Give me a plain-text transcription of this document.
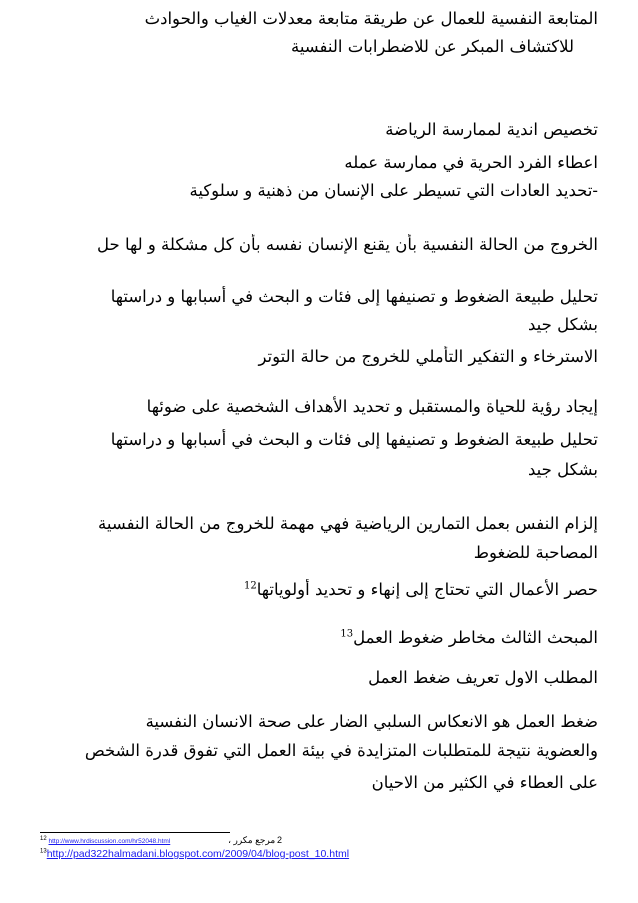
المتابعة النفسية للعمال عن طريقة متابعة معدلات الغياب والحوادث
للاكتشاف المبكر عن للاضطرابات النفسية
تخصيص اندية لممارسة الرياضة
اعطاء الفرد الحرية في ممارسة عمله
-تحديد العادات التي تسيطر على الإنسان من ذهنية و سلوكية
الخروج من الحالة النفسية بأن يقنع الإنسان نفسه بأن كل مشكلة و لها حل
تحليل طبيعة الضغوط و تصنيفها إلى فئات و البحث في أسبابها و دراستها
بشكل جيد
الاسترخاء و التفكير التأملي للخروج من حالة التوتر
إيجاد رؤية للحياة والمستقبل و تحديد الأهداف الشخصية على ضوئها
تحليل طبيعة الضغوط و تصنيفها إلى فئات و البحث في أسبابها و دراستها
بشكل جيد
إلزام النفس بعمل التمارين الرياضية فهي مهمة للخروج من الحالة النفسية
المصاحبة للضغوط
حصر الأعمال التي تحتاج إلى إنهاء و تحديد أولوياتها$^{12}$
المبحث الثالث مخاطر ضغوط العمل$^{13}$
المطلب الاول تعريف ضغط العمل
ضغط العمل هو الانعكاس السلبي الضار على صحة الانسان النفسية
والعضوية نتيجة للمتطلبات المتزايدة في بيئة العمل التي تفوق قدرة الشخص
على العطاء في الكثير من الاحيان
12 http://www.hrdiscussion.com/hr52048.html	مرجع مكرر ، 2
$^{13}$http://pad322halmadani.blogspot.com/2009/04/blog-post_10.html
